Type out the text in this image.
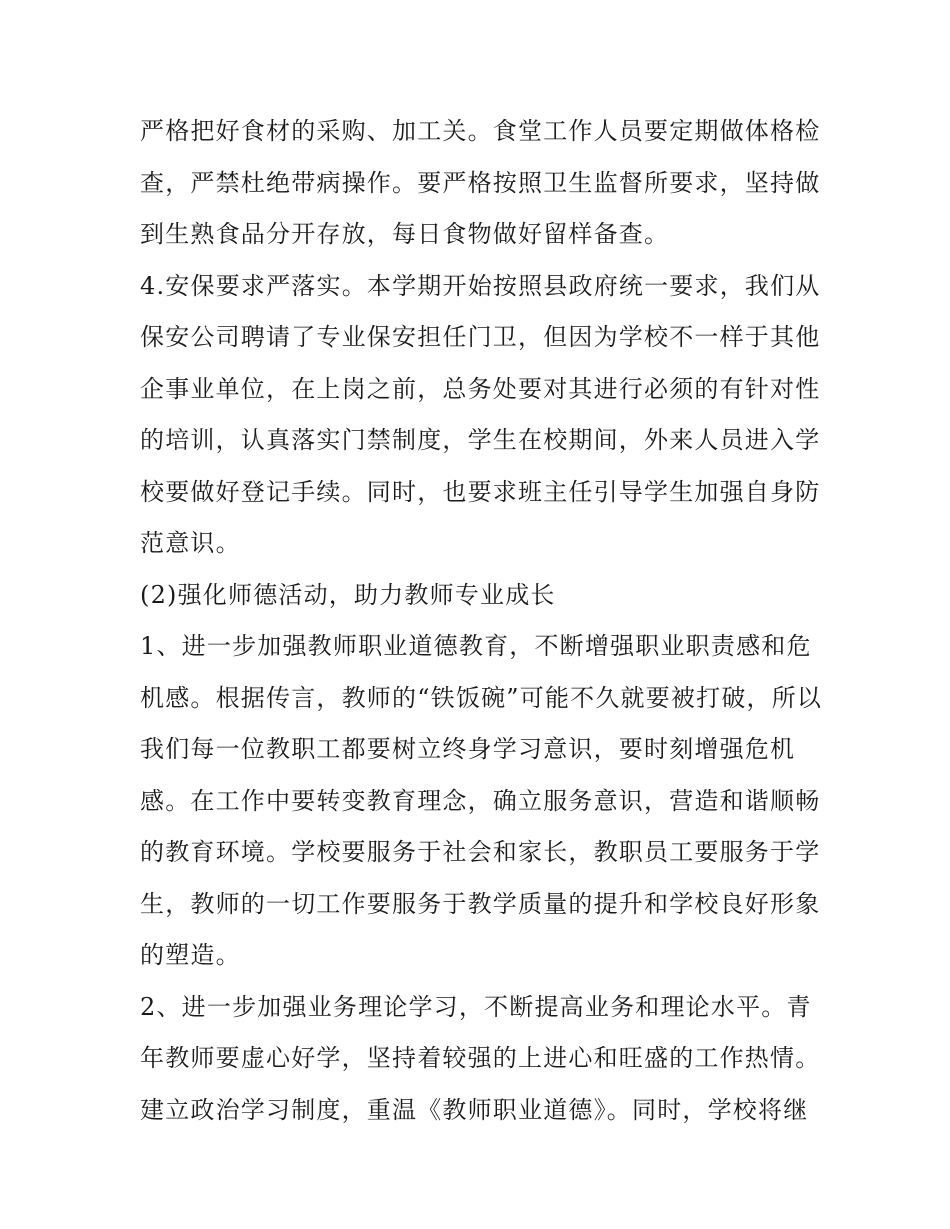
严格把好食材的采购、加工关。食堂工作人员要定期做体格检
查，严禁杜绝带病操作。要严格按照卫生监督所要求，坚持做
到生熟食品分开存放，每日食物做好留样备查。
4.安保要求严落实。本学期开始按照县政府统一要求，我们从
保安公司聘请了专业保安担任门卫，但因为学校不一样于其他
企事业单位，在上岗之前，总务处要对其进行必须的有针对性
的培训，认真落实门禁制度，学生在校期间，外来人员进入学
校要做好登记手续。同时，也要求班主任引导学生加强自身防
范意识。
(2)强化师德活动，助力教师专业成长
1、进一步加强教师职业道德教育，不断增强职业职责感和危
机感。根据传言，教师的“铁饭碗”可能不久就要被打破，所以
我们每一位教职工都要树立终身学习意识，要时刻增强危机
感。在工作中要转变教育理念，确立服务意识，营造和谐顺畅
的教育环境。学校要服务于社会和家长，教职员工要服务于学
生，教师的一切工作要服务于教学质量的提升和学校良好形象
的塑造。
2、进一步加强业务理论学习，不断提高业务和理论水平。青
年教师要虚心好学，坚持着较强的上进心和旺盛的工作热情。
建立政治学习制度，重温《教师职业道德》。同时，学校将继
